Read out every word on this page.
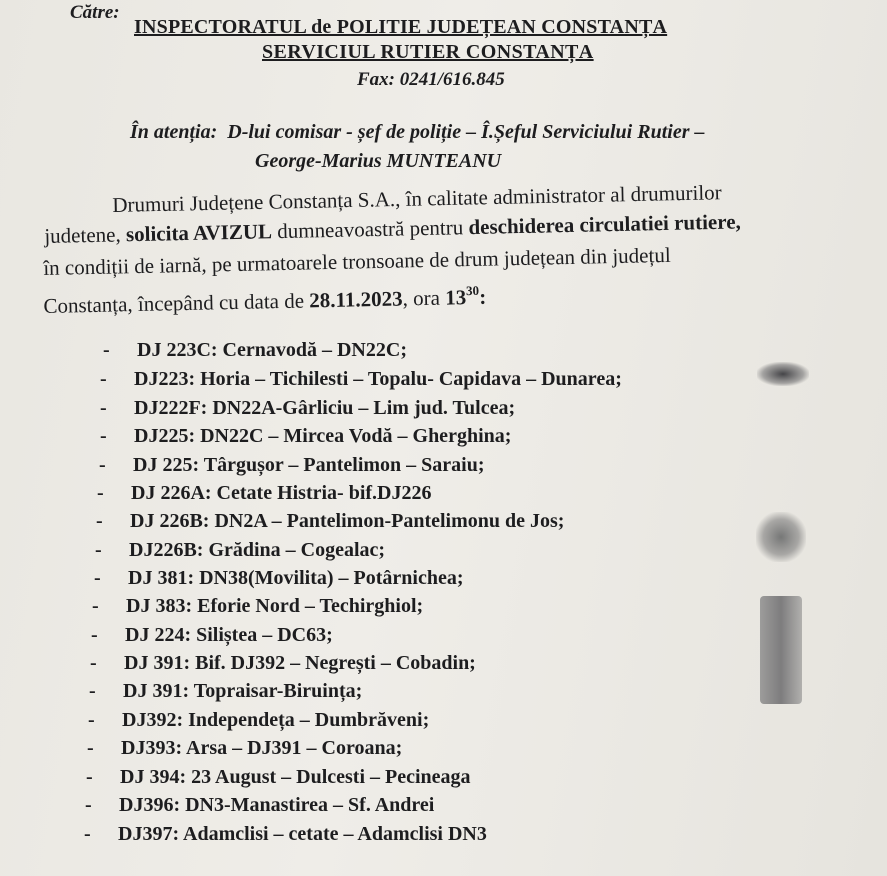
Către:
INSPECTORATUL de POLITIE JUDEȚEAN CONSTANȚA
SERVICIUL RUTIER CONSTANȚA
Fax: 0241/616.845
În atenția: D-lui comisar - șef de poliție – Î.Șeful Serviciului Rutier –
George-Marius MUNTEANU
Drumuri Județene Constanța S.A., în calitate administrator al drumurilor
judetene, solicita AVIZUL dumneavoastră pentru deschiderea circulatiei rutiere,
în condiții de iarnă, pe urmatoarele tronsoane de drum județean din județul
Constanța, începând cu data de 28.11.2023, ora $13^{30}$:
- DJ 223C: Cernavodă – DN22C;
- DJ223: Horia – Tichilesti – Topalu- Capidava – Dunarea;
- DJ222F: DN22A-Gârliciu – Lim jud. Tulcea;
- DJ225: DN22C – Mircea Vodă – Gherghina;
- DJ 225: Târgușor – Pantelimon – Saraiu;
- DJ 226A: Cetate Histria- bif.DJ226
- DJ 226B: DN2A – Pantelimon-Pantelimonu de Jos;
- DJ226B: Grădina – Cogealac;
- DJ 381: DN38(Movilita) – Potârnichea;
- DJ 383: Eforie Nord – Techirghiol;
- DJ 224: Siliștea – DC63;
- DJ 391: Bif. DJ392 – Negrești – Cobadin;
- DJ 391: Topraisar-Biruința;
- DJ392: Independeța – Dumbrăveni;
- DJ393: Arsa – DJ391 – Coroana;
- DJ 394: 23 August – Dulcesti – Pecineaga
- DJ396: DN3-Manastirea – Sf. Andrei
- DJ397: Adamclisi – cetate – Adamclisi DN3
